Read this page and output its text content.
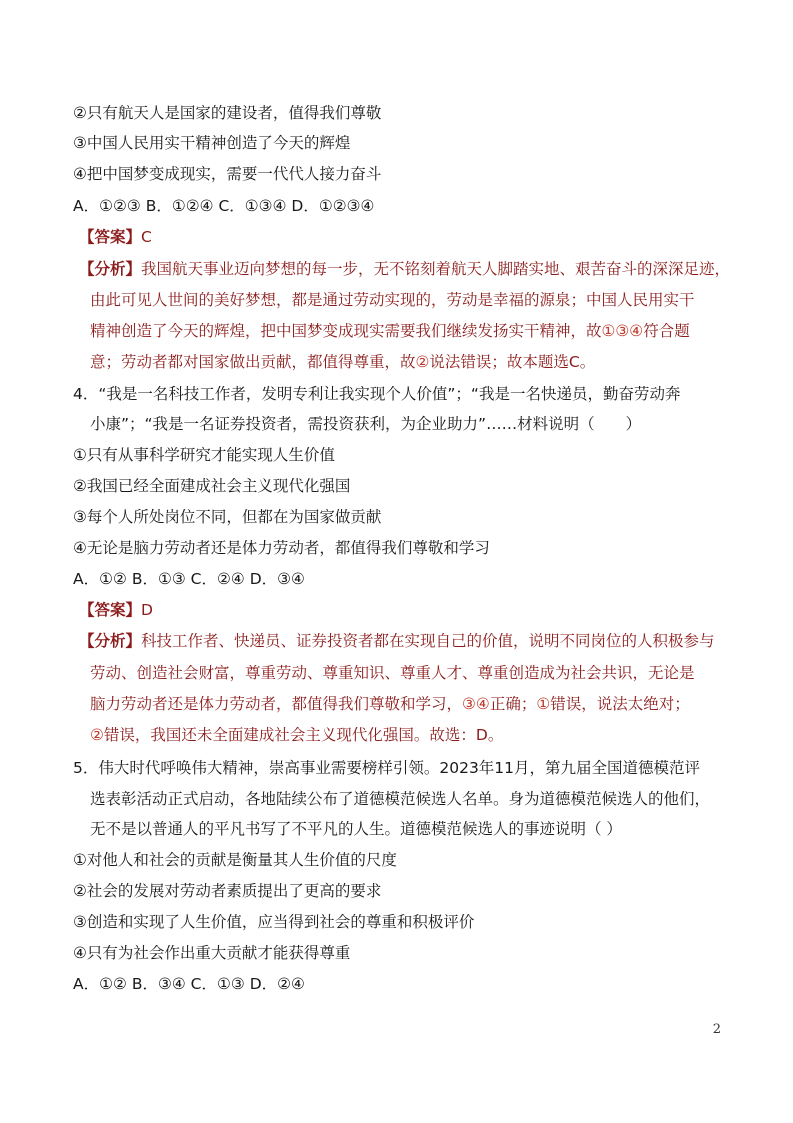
②只有航天人是国家的建设者，值得我们尊敬
③中国人民用实干精神创造了今天的辉煌
④把中国梦变成现实，需要一代代人接力奋斗
A．①②③ B．①②④ C．①③④ D．①②③④
【答案】C
【分析】我国航天事业迈向梦想的每一步，无不铭刻着航天人脚踏实地、艰苦奋斗的深深足迹，
由此可见人世间的美好梦想，都是通过劳动实现的，劳动是幸福的源泉；中国人民用实干
精神创造了今天的辉煌，把中国梦变成现实需要我们继续发扬实干精神，故①③④符合题
意；劳动者都对国家做出贡献，都值得尊重，故②说法错误；故本题选C。
4．“我是一名科技工作者，发明专利让我实现个人价值”；“我是一名快递员，勤奋劳动奔
小康”；“我是一名证券投资者，需投资获利，为企业助力”……材料说明（　　）
①只有从事科学研究才能实现人生价值
②我国已经全面建成社会主义现代化强国
③每个人所处岗位不同，但都在为国家做贡献
④无论是脑力劳动者还是体力劳动者，都值得我们尊敬和学习
A．①② B．①③ C．②④ D．③④
【答案】D
【分析】科技工作者、快递员、证券投资者都在实现自己的价值，说明不同岗位的人积极参与
劳动、创造社会财富，尊重劳动、尊重知识、尊重人才、尊重创造成为社会共识，无论是
脑力劳动者还是体力劳动者，都值得我们尊敬和学习，③④正确；①错误，说法太绝对；
②错误，我国还未全面建成社会主义现代化强国。故选：D。
5．伟大时代呼唤伟大精神，崇高事业需要榜样引领。2023年11月，第九届全国道德模范评
选表彰活动正式启动，各地陆续公布了道德模范候选人名单。身为道德模范候选人的他们，
无不是以普通人的平凡书写了不平凡的人生。道德模范候选人的事迹说明（ ）
①对他人和社会的贡献是衡量其人生价值的尺度
②社会的发展对劳动者素质提出了更高的要求
③创造和实现了人生价值，应当得到社会的尊重和积极评价
④只有为社会作出重大贡献才能获得尊重
A．①② B．③④ C．①③ D．②④
2
